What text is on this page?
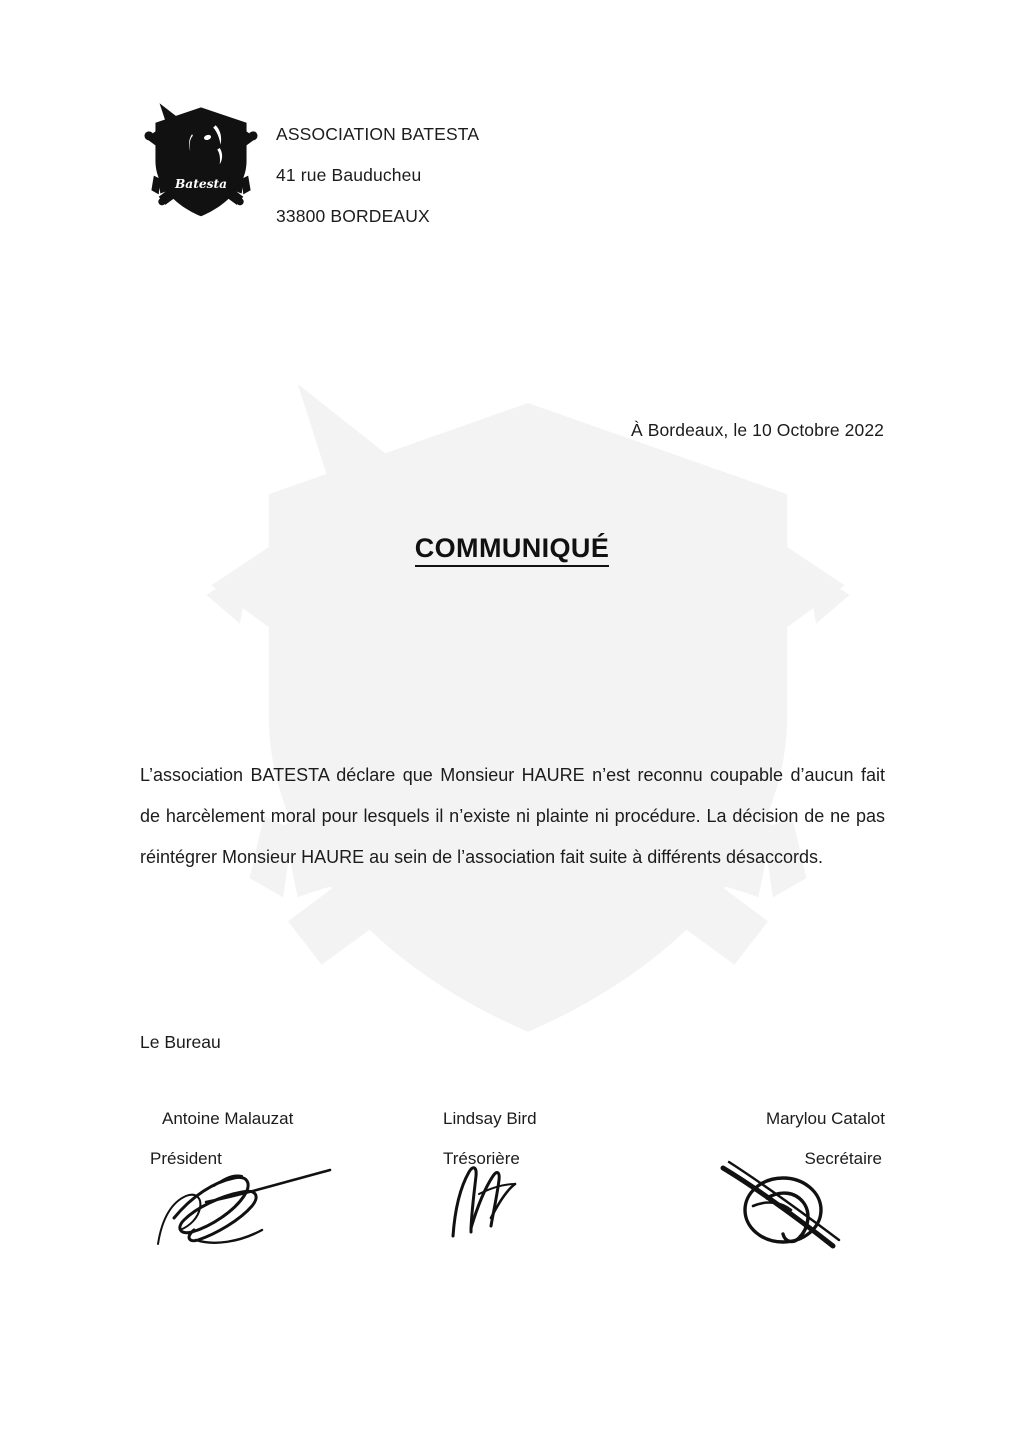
Batesta
ASSOCIATION BATESTA
41 rue Bauducheu
33800 BORDEAUX
À Bordeaux, le 10 Octobre 2022
COMMUNIQUÉ

L’association BATESTA déclare que Monsieur HAURE n’est reconnu coupable d’aucun fait de harcèlement moral pour lesquels il n’existe ni plainte ni procédure. La décision de ne pas réintégrer Monsieur HAURE au sein de l’association fait suite à différents désaccords.

Le Bureau
Antoine Malauzat
Président
Lindsay Bird
Trésorière
Marylou Catalot
Secrétaire
